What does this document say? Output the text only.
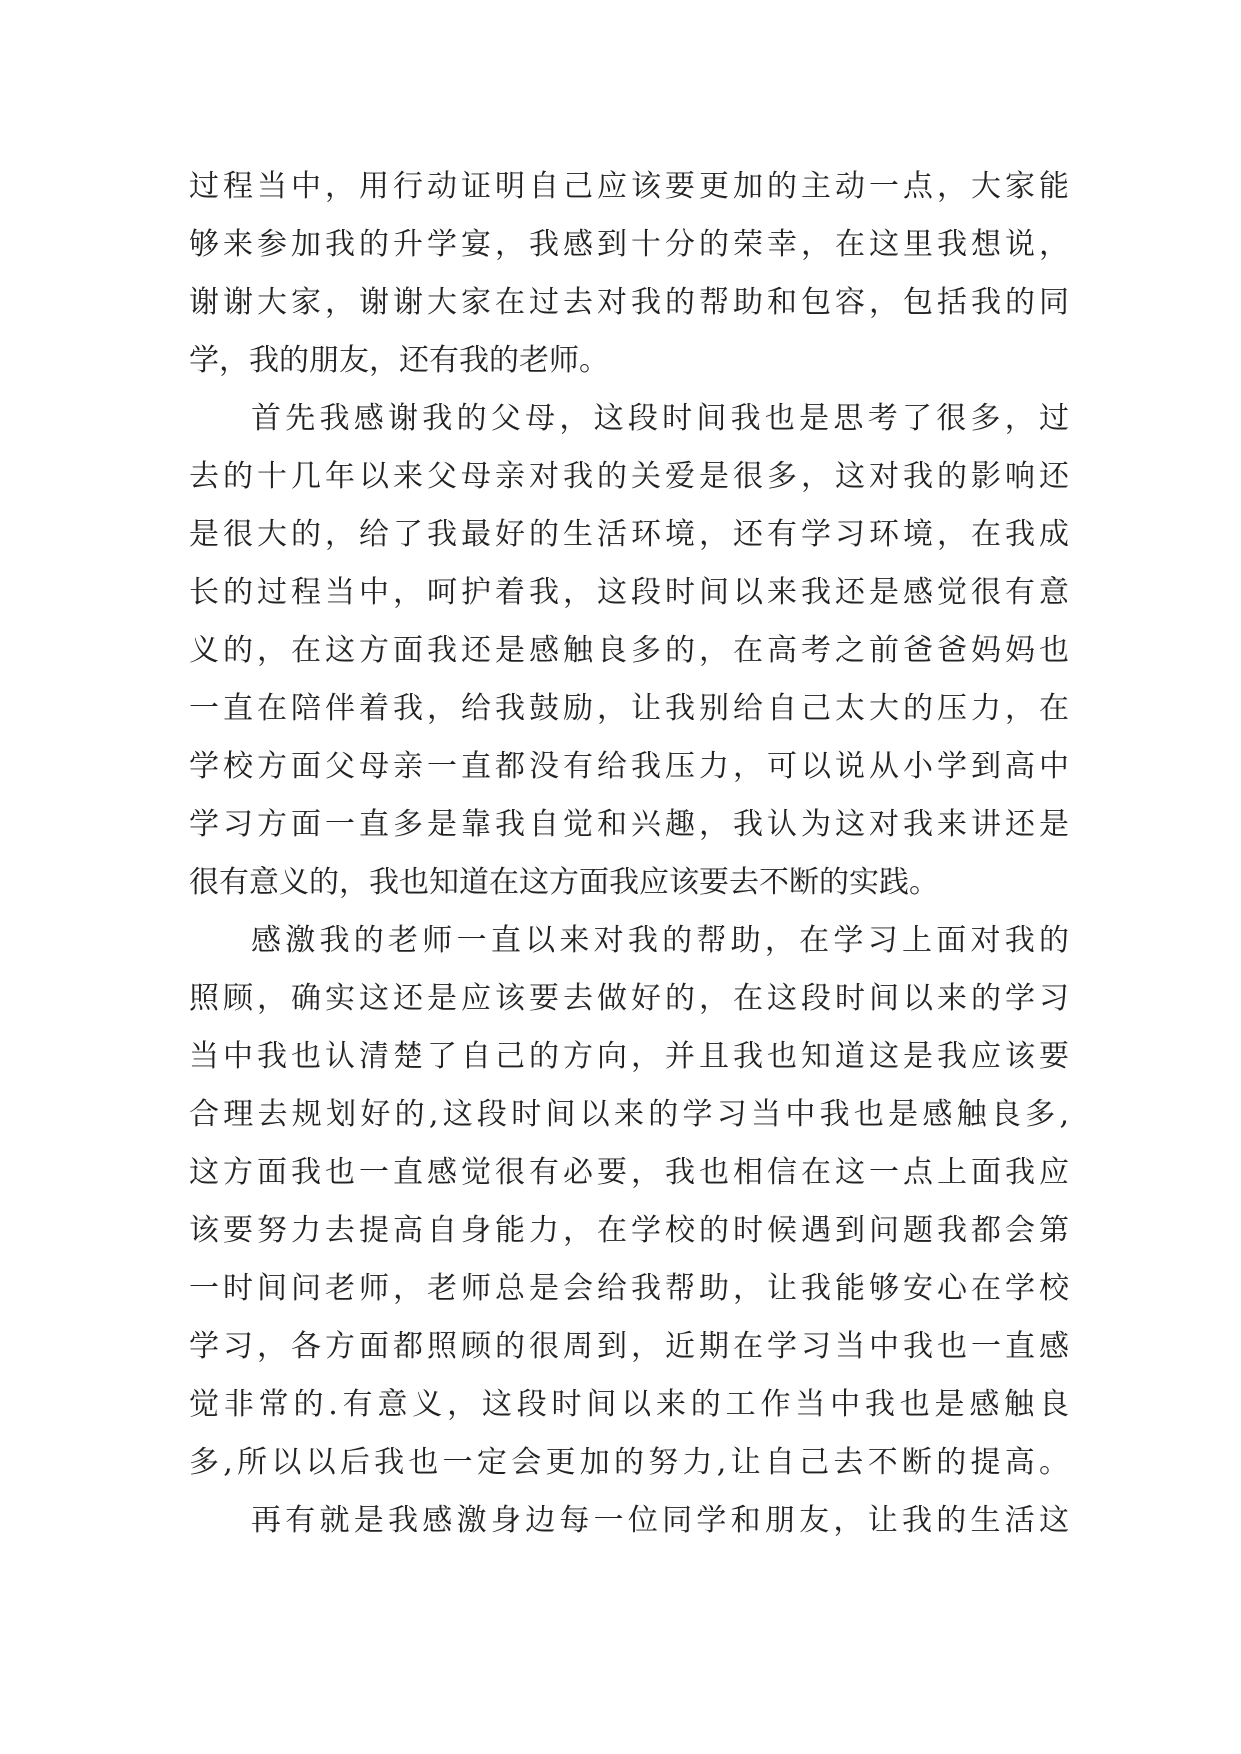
过程当中，用行动证明自己应该要更加的主动一点，大家能
够来参加我的升学宴，我感到十分的荣幸，在这里我想说，
谢谢大家，谢谢大家在过去对我的帮助和包容，包括我的同
学，我的朋友，还有我的老师。
首先我感谢我的父母，这段时间我也是思考了很多，过
去的十几年以来父母亲对我的关爱是很多，这对我的影响还
是很大的，给了我最好的生活环境，还有学习环境，在我成
长的过程当中，呵护着我，这段时间以来我还是感觉很有意
义的，在这方面我还是感触良多的，在高考之前爸爸妈妈也
一直在陪伴着我，给我鼓励，让我别给自己太大的压力，在
学校方面父母亲一直都没有给我压力，可以说从小学到高中
学习方面一直多是靠我自觉和兴趣，我认为这对我来讲还是
很有意义的，我也知道在这方面我应该要去不断的实践。
感激我的老师一直以来对我的帮助，在学习上面对我的
照顾，确实这还是应该要去做好的，在这段时间以来的学习
当中我也认清楚了自己的方向，并且我也知道这是我应该要
合理去规划好的,这段时间以来的学习当中我也是感触良多,
这方面我也一直感觉很有必要，我也相信在这一点上面我应
该要努力去提高自身能力，在学校的时候遇到问题我都会第
一时间问老师，老师总是会给我帮助，让我能够安心在学校
学习，各方面都照顾的很周到，近期在学习当中我也一直感
觉非常的.有意义，这段时间以来的工作当中我也是感触良
多,所以以后我也一定会更加的努力,让自己去不断的提高。
再有就是我感激身边每一位同学和朋友，让我的生活这
